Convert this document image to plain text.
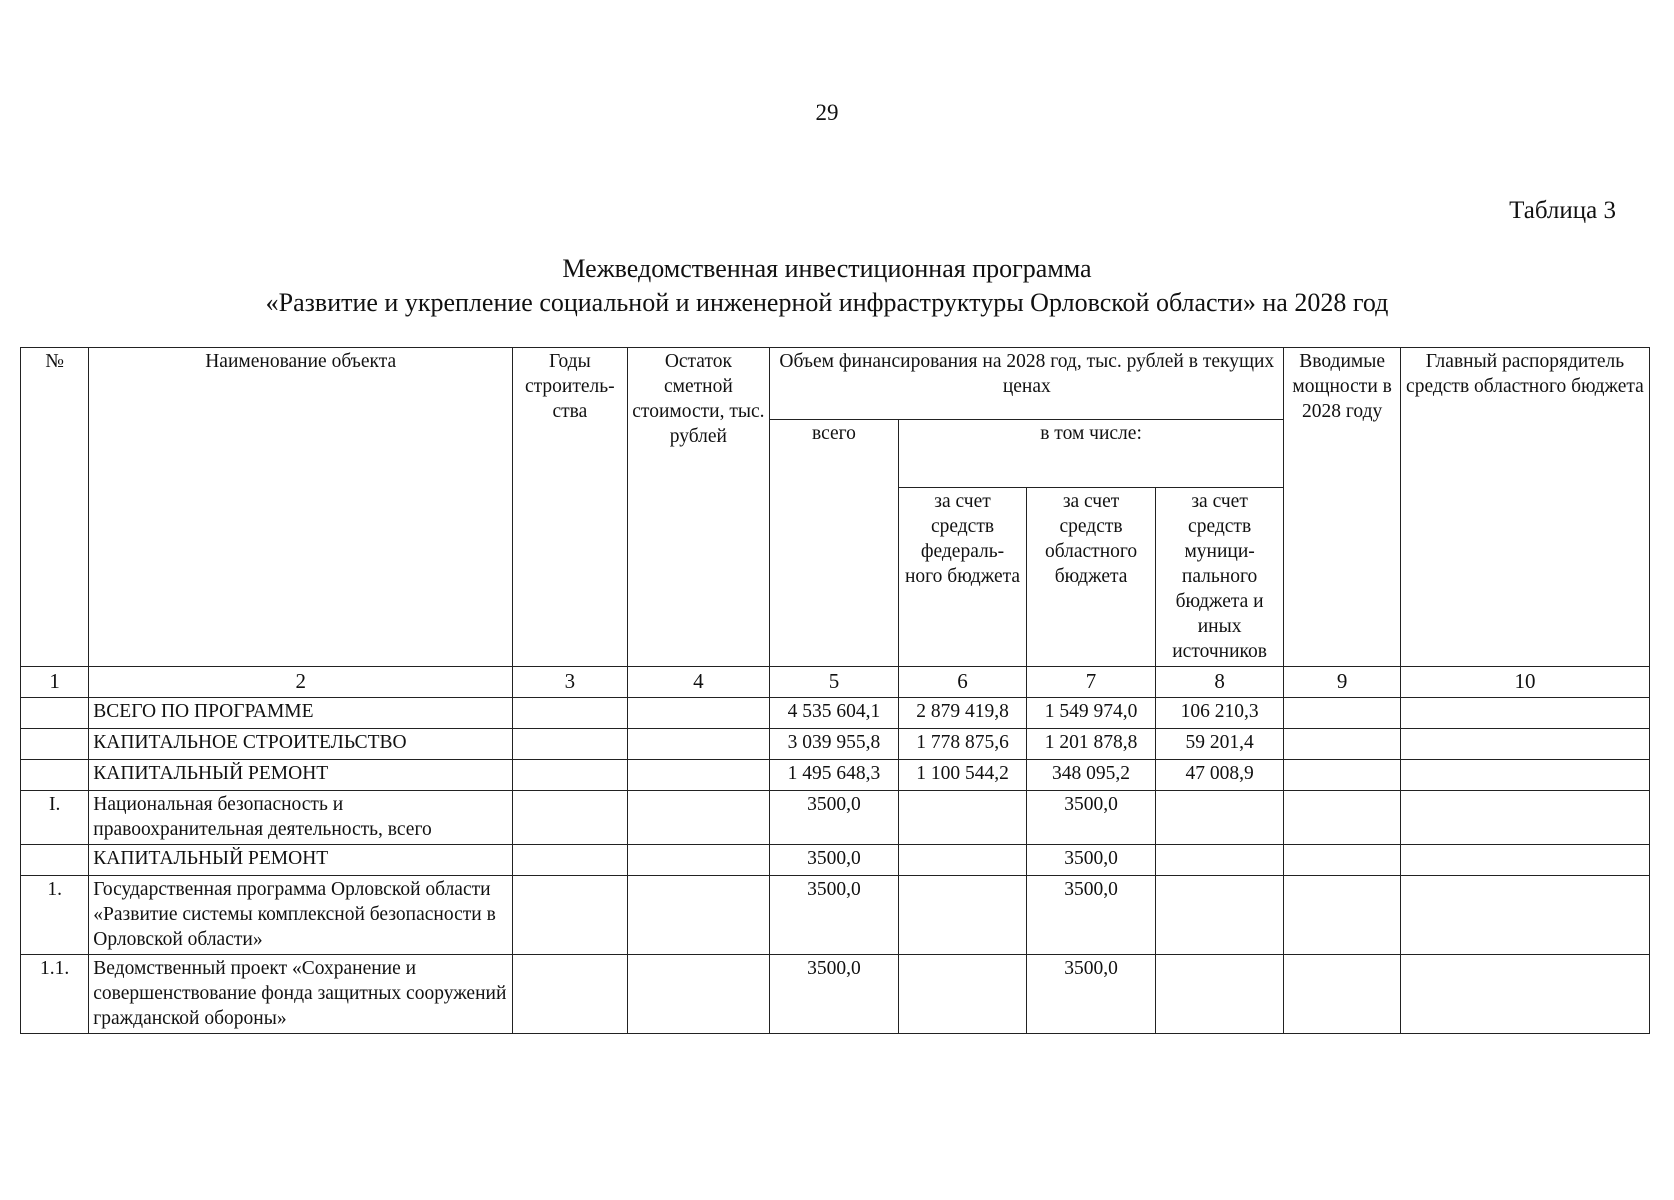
29
Таблица 3
Межведомственная инвестиционная программа
«Развитие и укрепление социальной и инженерной инфраструктуры Орловской области» на 2028 год
№	Наименование объекта	Годы строитель-ства	Остаток сметной стоимости, тыс. рублей	Объем финансирования на 2028 год, тыс. рублей в текущих ценах				Вводимые мощности в 2028 году	Главный распорядитель средств областного бюджета
				всего	в том числе:				
					за счет средств федераль-ного бюджета	за счет средств областного бюджета	за счет средств муници-пального бюджета и иных источников		
1	2	3	4	5	6	7	8	9	10
	ВСЕГО ПО ПРОГРАММЕ			4 535 604,1	2 879 419,8	1 549 974,0	106 210,3		
	КАПИТАЛЬНОЕ СТРОИТЕЛЬСТВО			3 039 955,8	1 778 875,6	1 201 878,8	59 201,4		
	КАПИТАЛЬНЫЙ РЕМОНТ			1 495 648,3	1 100 544,2	348 095,2	47 008,9		
I.	Национальная безопасность и правоохранительная деятельность, всего			3500,0		3500,0			
	КАПИТАЛЬНЫЙ РЕМОНТ			3500,0		3500,0			
1.	Государственная программа Орловской области «Развитие системы комплексной безопасности в Орловской области»			3500,0		3500,0			
1.1.	Ведомственный проект «Сохранение и совершенствование фонда защитных сооружений гражданской обороны»			3500,0		3500,0			
